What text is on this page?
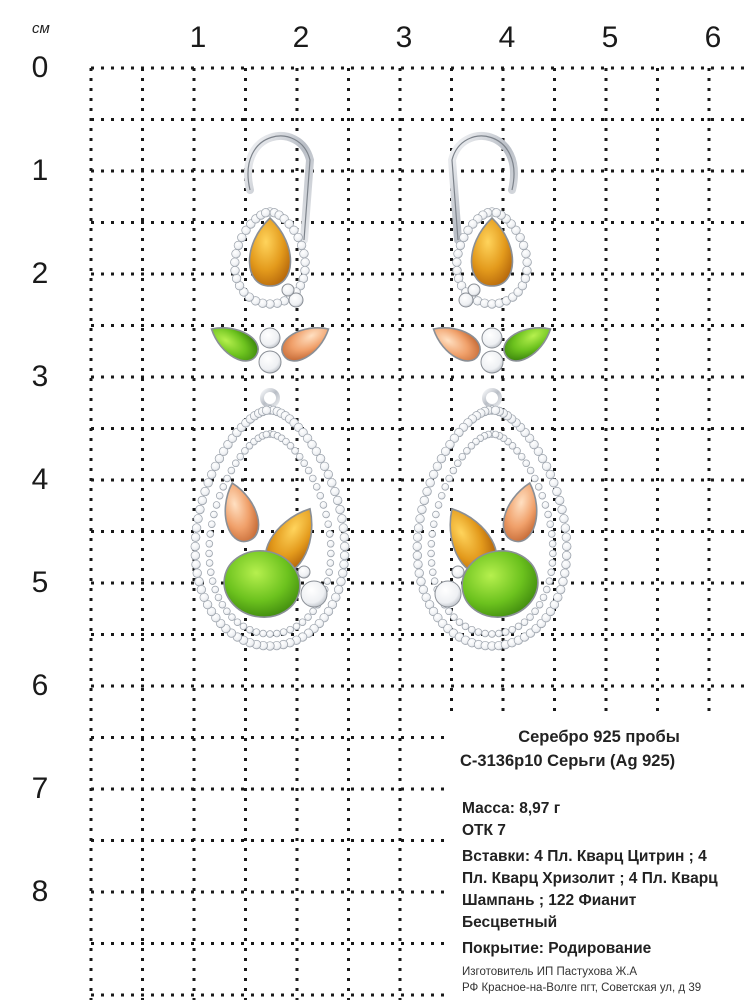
см	1	2	3	4	5	6
0
1
2
3
4
5
6
7
8
Серебро 925 пробы
С-3136р10 Серьги (Ag 925)
Масса: 8,97 г
ОТК 7
Вставки: 4 Пл. Кварц Цитрин ; 4
Пл. Кварц Хризолит ; 4 Пл. Кварц
Шампань ; 122 Фианит
Бесцветный
Покрытие: Родирование
Изготовитель ИП Пастухова Ж.А
РФ Красное-на-Волге пгт, Советская ул, д 39
